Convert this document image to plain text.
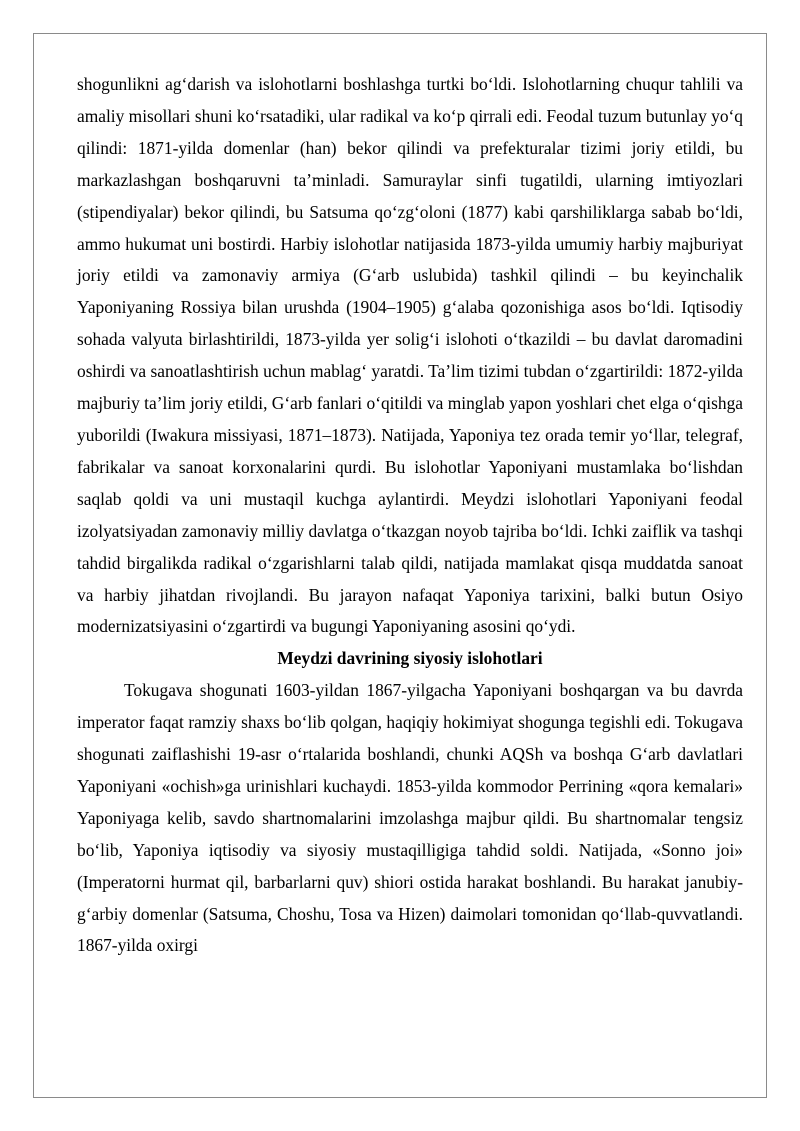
shogunlikni ag‘darish va islohotlarni boshlashga turtki bo‘ldi. Islohotlarning chuqur tahlili va amaliy misollari shuni ko‘rsatadiki, ular radikal va ko‘p qirrali edi. Feodal tuzum butunlay yo‘q qilindi: 1871-yilda domenlar (han) bekor qilindi va prefekturalar tizimi joriy etildi, bu markazlashgan boshqaruvni ta’minladi. Samuraylar sinfi tugatildi, ularning imtiyozlari (stipendiyalar) bekor qilindi, bu Satsuma qo‘zg‘oloni (1877) kabi qarshiliklarga sabab bo‘ldi, ammo hukumat uni bostirdi. Harbiy islohotlar natijasida 1873-yilda umumiy harbiy majburiyat joriy etildi va zamonaviy armiya (G‘arb uslubida) tashkil qilindi – bu keyinchalik Yaponiyaning Rossiya bilan urushda (1904–1905) g‘alaba qozonishiga asos bo‘ldi. Iqtisodiy sohada valyuta birlashtirildi, 1873-yilda yer solig‘i islohoti o‘tkazildi – bu davlat daromadini oshirdi va sanoatlashtirish uchun mablag‘ yaratdi. Ta’lim tizimi tubdan o‘zgartirildi: 1872-yilda majburiy ta’lim joriy etildi, G‘arb fanlari o‘qitildi va minglab yapon yoshlari chet elga o‘qishga yuborildi (Iwakura missiyasi, 1871–1873). Natijada, Yaponiya tez orada temir yo‘llar, telegraf, fabrikalar va sanoat korxonalarini qurdi. Bu islohotlar Yaponiyani mustamlaka bo‘lishdan saqlab qoldi va uni mustaqil kuchga aylantirdi. Meydzi islohotlari Yaponiyani feodal izolyatsiyadan zamonaviy milliy davlatga o‘tkazgan noyob tajriba bo‘ldi. Ichki zaiflik va tashqi tahdid birgalikda radikal o‘zgarishlarni talab qildi, natijada mamlakat qisqa muddatda sanoat va harbiy jihatdan rivojlandi. Bu jarayon nafaqat Yaponiya tarixini, balki butun Osiyo modernizatsiyasini o‘zgartirdi va bugungi Yaponiyaning asosini qo‘ydi.

Meydzi davrining siyosiy islohotlari

Tokugava shogunati 1603-yildan 1867-yilgacha Yaponiyani boshqargan va bu davrda imperator faqat ramziy shaxs bo‘lib qolgan, haqiqiy hokimiyat shogunga tegishli edi. Tokugava shogunati zaiflashishi 19-asr o‘rtalarida boshlandi, chunki AQSh va boshqa G‘arb davlatlari Yaponiyani «ochish»ga urinishlari kuchaydi. 1853-yilda kommodor Perrining «qora kemalari» Yaponiyaga kelib, savdo shartnomalarini imzolashga majbur qildi. Bu shartnomalar tengsiz bo‘lib, Yaponiya iqtisodiy va siyosiy mustaqilligiga tahdid soldi. Natijada, «Sonno joi» (Imperatorni hurmat qil, barbarlarni quv) shiori ostida harakat boshlandi. Bu harakat janubiy-g‘arbiy domenlar (Satsuma, Choshu, Tosa va Hizen) daimolari tomonidan qo‘llab-quvvatlandi. 1867-yilda oxirgi
